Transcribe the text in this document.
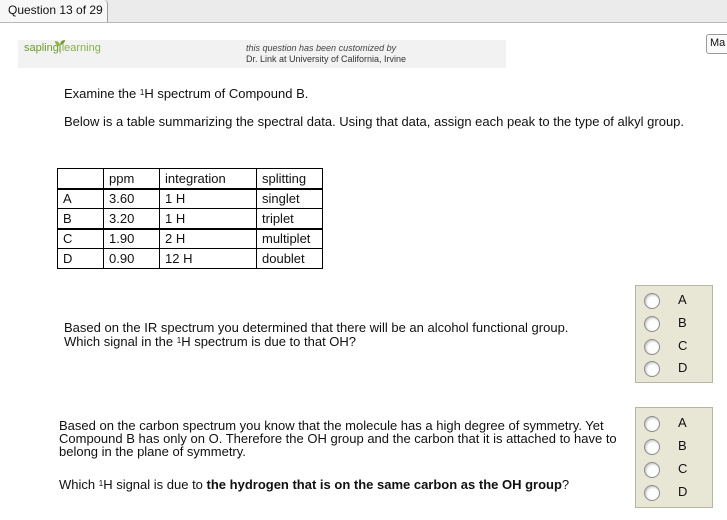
Question 13 of 29
Ma
sapling|learning	this question has been customized by
Dr. Link at University of California, Irvine
Examine the $^1$H spectrum of Compound B.
Below is a table summarizing the spectral data. Using that data, assign each peak to the type of alkyl group.
	ppm	integration	splitting
A	3.60	1 H	singlet
B	3.20	1 H	triplet
C	1.90	2 H	multiplet
D	0.90	12 H	doublet
Based on the IR spectrum you determined that there will be an alcohol functional group.
Which signal in the $^1$H spectrum is due to that OH?
A
B
C
D
Based on the carbon spectrum you know that the molecule has a high degree of symmetry. Yet Compound B has only on O. Therefore the OH group and the carbon that it is attached to have to belong in the plane of symmetry.
Which $^1$H signal is due to the hydrogen that is on the same carbon as the OH group?
A
B
C
D
